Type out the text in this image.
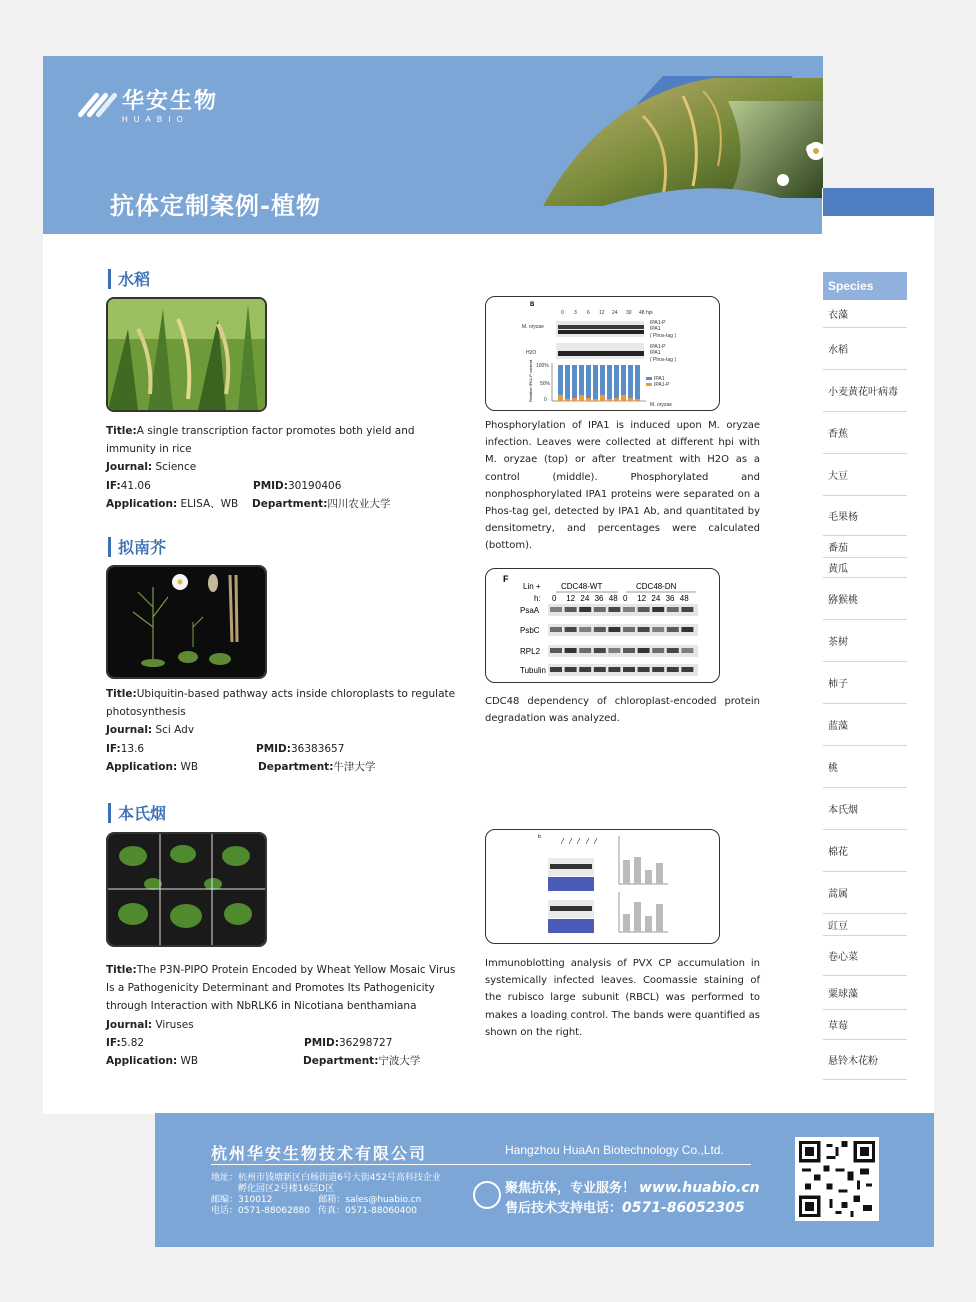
华安生物
HUABIO
抗体定制案例-植物
Species
衣藻
水稻
小麦黄花叶病毒
香蕉
大豆
毛果杨
番茄
黄瓜
猕猴桃
茶树
柿子
蓝藻
桃
本氏烟
棉花
蒿属
豇豆
卷心菜
粟球藻
草莓
悬铃木花粉
水稻
Title:A single transcription factor promotes both yield and immunity in rice
Journal: Science
IF:41.06	PMID:30190406
Application: ELISA、WB	Department:四川农业大学
B
0 3 6 12 24 30 48 hpi
M. oryzae
H2O
IPA1-P
IPA1
( Phos-tag )
IPA1-P
IPA1
( Phos-tag )
100%
50%
0
IPA1
IPA1-P
M. oryzae
Relative IPA1-P content
Phosphorylation of IPA1 is induced upon M. oryzae infection. Leaves were collected at different hpi with M. oryzae (top) or after treatment with H2O as a control (middle). Phosphorylated and nonphosphorylated IPA1 proteins were separated on a Phos-tag gel, detected by IPA1 Ab, and quantitated by densitometry, and percentages were calculated (bottom).
拟南芥
Title:Ubiquitin-based pathway acts inside chloroplasts to regulate photosynthesis
Journal: Sci Adv
IF:13.6	PMID:36383657
Application: WB	Department:牛津大学
F
Lin +	CDC48-WT	CDC48-DN
h: 0 12 24 36 48 0 12 24 36 48
PsaA
PsbC
RPL2
Tubulin
CDC48 dependency of chloroplast-encoded protein degradation was analyzed.
本氏烟
Title:The P3N-PIPO Protein Encoded by Wheat Yellow Mosaic Virus Is a Pathogenicity Determinant and Promotes Its Pathogenicity through Interaction with NbRLK6 in Nicotiana benthamiana
Journal: Viruses
IF:5.82	PMID:36298727
Application: WB	Department:宁波大学
b
Immunoblotting analysis of PVX CP accumulation in systemically infected leaves. Coomassie staining of the rubisco large subunit (RBCL) was performed to makes a loading control. The bands were quantified as shown on the right.
杭州华安生物技术有限公司	Hangzhou HuaAn Biotechnology Co.,Ltd.
地址：杭州市钱塘新区白杨街道6号大街452号高科技企业
孵化园区2号楼16层D区
邮编：310012	邮箱：sales@huabio.cn
电话：0571-88062880 传真：0571-88060400
聚焦抗体，专业服务！ www.huabio.cn
售后技术支持电话：0571-86052305
